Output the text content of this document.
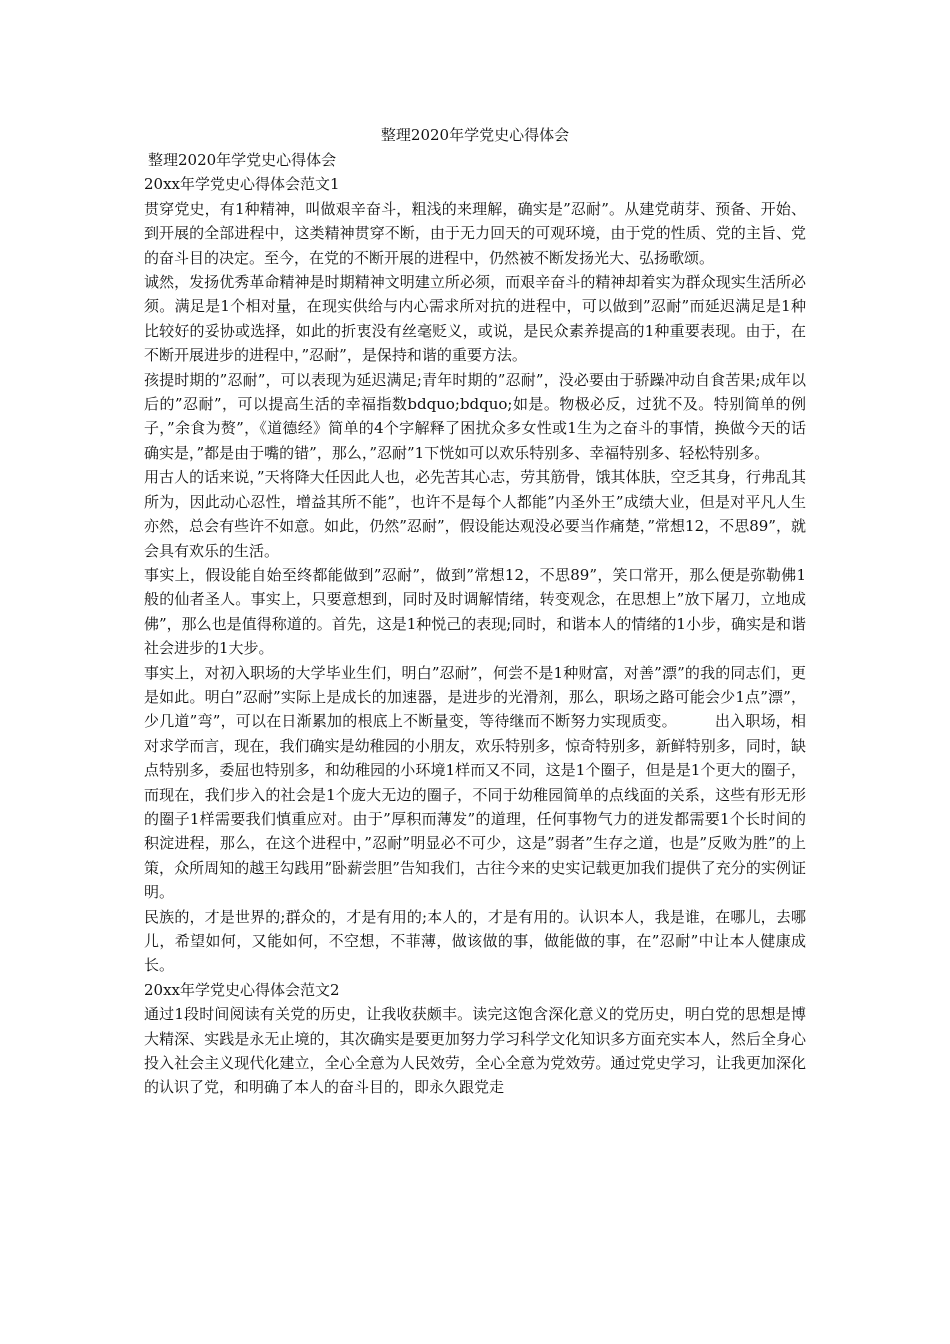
整理2020年学党史心得体会

整理2020年学党史心得体会

20xx年学党史心得体会范文1

贯穿党史，有1种精神，叫做艰辛奋斗，粗浅的来理解，确实是”忍耐”。从建党萌芽、预备、开始、到开展的全部进程中，这类精神贯穿不断，由于无力回天的可观环境，由于党的性质、党的主旨、党的奋斗目的决定。至今，在党的不断开展的进程中，仍然被不断发扬光大、弘扬歌颂。

诚然，发扬优秀革命精神是时期精神文明建立所必须，而艰辛奋斗的精神却着实为群众现实生活所必须。满足是1个相对量，在现实供给与内心需求所对抗的进程中，可以做到”忍耐”而延迟满足是1种比较好的妥协或选择，如此的折衷没有丝毫贬义，或说，是民众素养提高的1种重要表现。由于，在不断开展进步的进程中，”忍耐”，是保持和谐的重要方法。

孩提时期的”忍耐”，可以表现为延迟满足;青年时期的”忍耐”，没必要由于骄躁冲动自食苦果;成年以后的”忍耐”，可以提高生活的幸福指数bdquo;bdquo;如是。物极必反，过犹不及。特别简单的例子，”余食为赘”，《道德经》简单的4个字解释了困扰众多女性或1生为之奋斗的事情，换做今天的话确实是，”都是由于嘴的错”，那么，”忍耐”1下恍如可以欢乐特别多、幸福特别多、轻松特别多。

用古人的话来说，”天将降大任因此人也，必先苦其心志，劳其筋骨，饿其体肤，空乏其身，行弗乱其所为，因此动心忍性，增益其所不能”，也许不是每个人都能”内圣外王”成绩大业，但是对平凡人生亦然，总会有些许不如意。如此，仍然”忍耐”，假设能达观没必要当作痛楚，”常想12，不思89”，就会具有欢乐的生活。

事实上，假设能自始至终都能做到”忍耐”，做到”常想12，不思89”，笑口常开，那么便是弥勒佛1般的仙者圣人。事实上，只要意想到，同时及时调解情绪，转变观念，在思想上”放下屠刀，立地成佛”，那么也是值得称道的。首先，这是1种悦己的表现;同时，和谐本人的情绪的1小步，确实是和谐社会进步的1大步。

事实上，对初入职场的大学毕业生们，明白”忍耐”，何尝不是1种财富，对善”漂”的我的同志们，更是如此。明白”忍耐”实际上是成长的加速器，是进步的光滑剂，那么，职场之路可能会少1点”漂”，少几道”弯”，可以在日渐累加的根底上不断量变，等待继而不断努力实现质变。　　　出入职场，相对求学而言，现在，我们确实是幼稚园的小朋友，欢乐特别多，惊奇特别多，新鲜特别多，同时，缺点特别多，委屈也特别多，和幼稚园的小环境1样而又不同，这是1个圈子，但是是1个更大的圈子，而现在，我们步入的社会是1个庞大无边的圈子，不同于幼稚园简单的点线面的关系，这些有形无形的圈子1样需要我们慎重应对。由于”厚积而薄发”的道理，任何事物气力的迸发都需要1个长时间的积淀进程，那么，在这个进程中，”忍耐”明显必不可少，这是”弱者”生存之道，也是”反败为胜”的上策，众所周知的越王勾践用”卧薪尝胆”告知我们，古往今来的史实记载更加我们提供了充分的实例证明。

民族的，才是世界的;群众的，才是有用的;本人的，才是有用的。认识本人，我是谁，在哪儿，去哪儿，希望如何，又能如何，不空想，不菲薄，做该做的事，做能做的事，在”忍耐”中让本人健康成长。

20xx年学党史心得体会范文2

通过1段时间阅读有关党的历史，让我收获颇丰。读完这饱含深化意义的党历史，明白党的思想是博大精深、实践是永无止境的，其次确实是要更加努力学习科学文化知识多方面充实本人，然后全身心投入社会主义现代化建立，全心全意为人民效劳，全心全意为党效劳。通过党史学习，让我更加深化的认识了党，和明确了本人的奋斗目的，即永久跟党走
